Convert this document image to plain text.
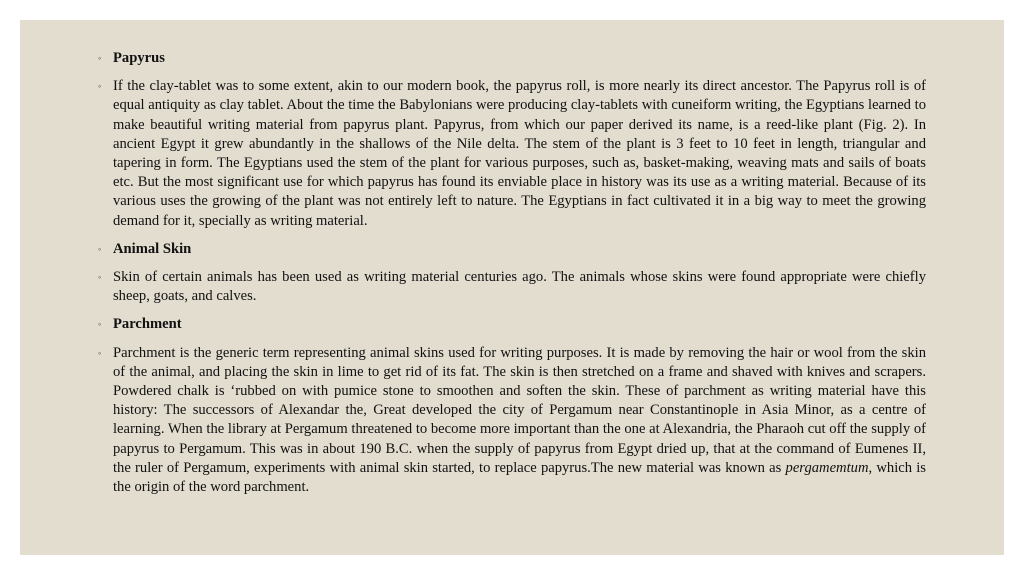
◦ Papyrus
◦ If the clay-tablet was to some extent, akin to our modern book, the papyrus roll, is more nearly its direct ancestor. The Papyrus roll is of equal antiquity as clay tablet. About the time the Babylonians were producing clay-tablets with cuneiform writing, the Egyptians learned to make beautiful writing material from papyrus plant. Papyrus, from which our paper derived its name, is a reed-like plant (Fig. 2). In ancient Egypt it grew abundantly in the shallows of the Nile delta. The stem of the plant is 3 feet to 10 feet in length, triangular and tapering in form. The Egyptians used the stem of the plant for various purposes, such as, basket-making, weaving mats and sails of boats etc. But the most significant use for which papyrus has found its enviable place in history was its use as a writing material. Because of its various uses the growing of the plant was not entirely left to nature. The Egyptians in fact cultivated it in a big way to meet the growing demand for it, specially as writing material.
◦ Animal Skin
◦ Skin of certain animals has been used as writing material centuries ago. The animals whose skins were found appropriate were chiefly sheep, goats, and calves.
◦ Parchment
◦ Parchment is the generic term representing animal skins used for writing purposes. It is made by removing the hair or wool from the skin of the animal, and placing the skin in lime to get rid of its fat. The skin is then stretched on a frame and shaved with knives and scrapers. Powdered chalk is ‘rubbed on with pumice stone to smoothen and soften the skin. These of parchment as writing material have this history: The successors of Alexandar the, Great developed the city of Pergamum near Constantinople in Asia Minor, as a centre of learning. When the library at Pergamum threatened to become more important than the one at Alexandria, the Pharaoh cut off the supply of papyrus to Pergamum. This was in about 190 B.C. when the supply of papyrus from Egypt dried up, that at the command of Eumenes II, the ruler of Pergamum, experiments with animal skin started, to replace papyrus.The new material was known as pergamemtum, which is the origin of the word parchment.
